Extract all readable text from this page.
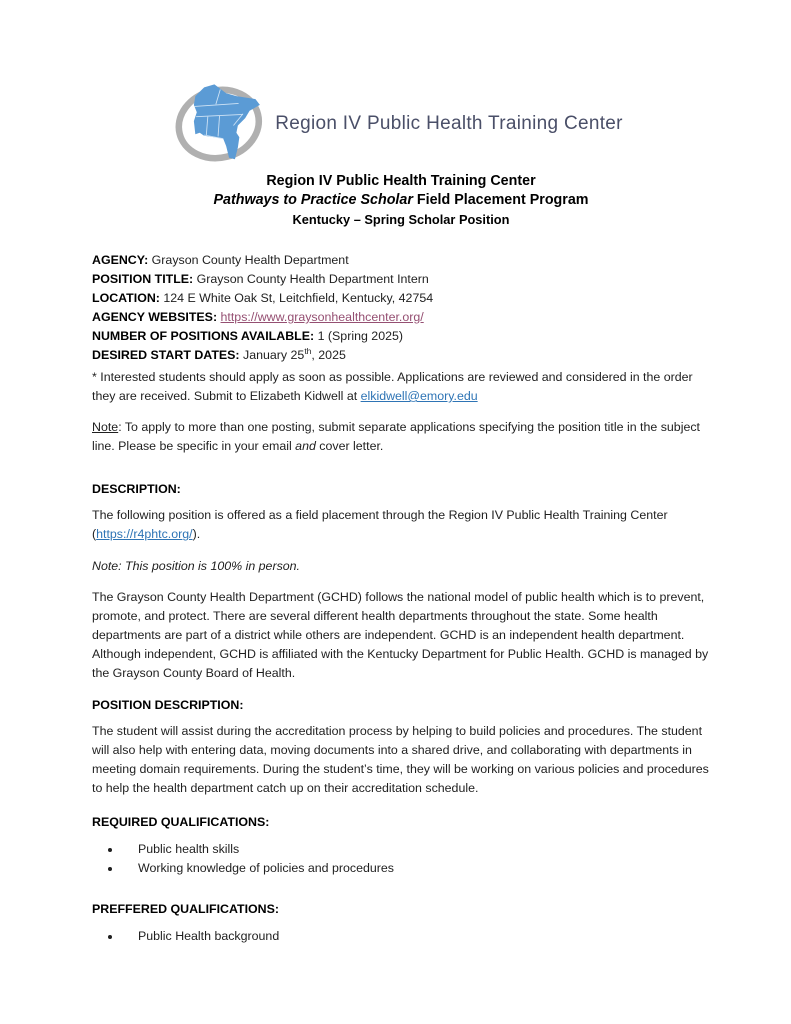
Region IV Public Health Training Center
Region IV Public Health Training Center
Pathways to Practice Scholar Field Placement Program
Kentucky – Spring Scholar Position
AGENCY: Grayson County Health Department
POSITION TITLE: Grayson County Health Department Intern
LOCATION: 124 E White Oak St, Leitchfield, Kentucky, 42754
AGENCY WEBSITES: https://www.graysonhealthcenter.org/
NUMBER OF POSITIONS AVAILABLE: 1 (Spring 2025)
DESIRED START DATES: January 25th, 2025

* Interested students should apply as soon as possible. Applications are reviewed and considered in the order they are received. Submit to Elizabeth Kidwell at elkidwell@emory.edu

Note: To apply to more than one posting, submit separate applications specifying the position title in the subject line. Please be specific in your email and cover letter.

DESCRIPTION:

The following position is offered as a field placement through the Region IV Public Health Training Center (https://r4phtc.org/).

Note: This position is 100% in person.

The Grayson County Health Department (GCHD) follows the national model of public health which is to prevent, promote, and protect. There are several different health departments throughout the state. Some health departments are part of a district while others are independent. GCHD is an independent health department. Although independent, GCHD is affiliated with the Kentucky Department for Public Health. GCHD is managed by the Grayson County Board of Health.

POSITION DESCRIPTION:

The student will assist during the accreditation process by helping to build policies and procedures. The student will also help with entering data, moving documents into a shared drive, and collaborating with departments in meeting domain requirements. During the student’s time, they will be working on various policies and procedures to help the health department catch up on their accreditation schedule.

REQUIRED QUALIFICATIONS:
• Public health skills
• Working knowledge of policies and procedures
PREFFERED QUALIFICATIONS:
• Public Health background
